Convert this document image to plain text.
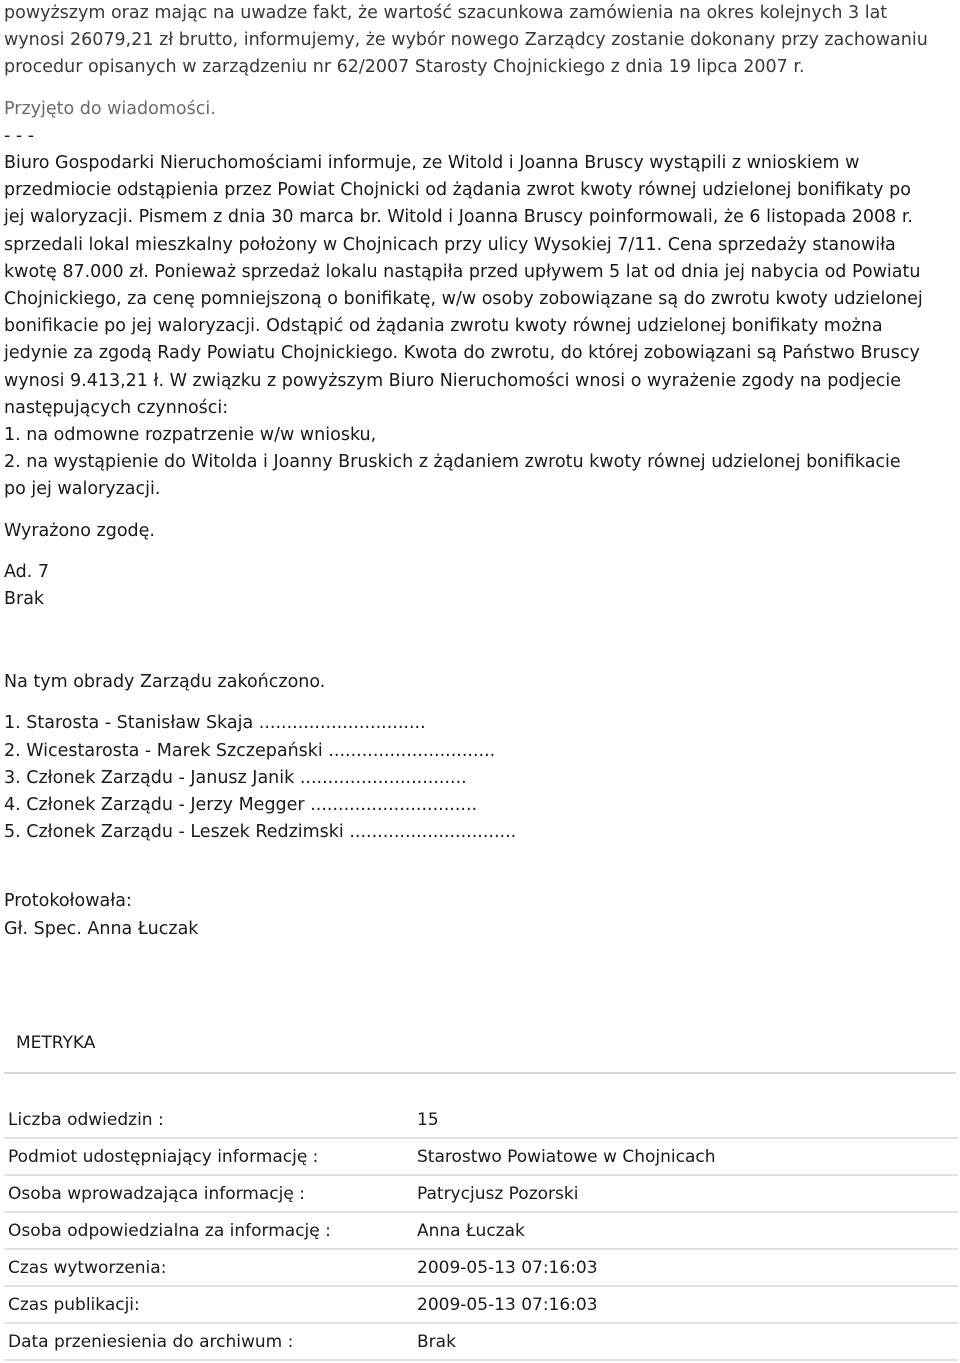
powyższym oraz mając na uwadze fakt, że wartość szacunkowa zamówienia na okres kolejnych 3 lat

wynosi 26079,21 zł brutto, informujemy, że wybór nowego Zarządcy zostanie dokonany przy zachowaniu

procedur opisanych w zarządzeniu nr 62/2007 Starosty Chojnickiego z dnia 19 lipca 2007 r.

Przyjęto do wiadomości.

- - -

Biuro Gospodarki Nieruchomościami informuje, ze Witold i Joanna Bruscy wystąpili z wnioskiem w

przedmiocie odstąpienia przez Powiat Chojnicki od żądania zwrot kwoty równej udzielonej bonifikaty po

jej waloryzacji. Pismem z dnia 30 marca br. Witold i Joanna Bruscy poinformowali, że 6 listopada 2008 r.

sprzedali lokal mieszkalny położony w Chojnicach przy ulicy Wysokiej 7/11. Cena sprzedaży stanowiła

kwotę 87.000 zł. Ponieważ sprzedaż lokalu nastąpiła przed upływem 5 lat od dnia jej nabycia od Powiatu

Chojnickiego, za cenę pomniejszoną o bonifikatę, w/w osoby zobowiązane są do zwrotu kwoty udzielonej

bonifikacie po jej waloryzacji. Odstąpić od żądania zwrotu kwoty równej udzielonej bonifikaty można

jedynie za zgodą Rady Powiatu Chojnickiego. Kwota do zwrotu, do której zobowiązani są Państwo Bruscy

wynosi 9.413,21 ł. W związku z powyższym Biuro Nieruchomości wnosi o wyrażenie zgody na podjecie

następujących czynności:

1. na odmowne rozpatrzenie w/w wniosku,

2. na wystąpienie do Witolda i Joanny Bruskich z żądaniem zwrotu kwoty równej udzielonej bonifikacie

po jej waloryzacji.

Wyrażono zgodę.

Ad. 7

Brak

Na tym obrady Zarządu zakończono.

1. Starosta - Stanisław Skaja ..............................

2. Wicestarosta - Marek Szczepański ..............................

3. Członek Zarządu - Janusz Janik ..............................

4. Członek Zarządu - Jerzy Megger ..............................

5. Członek Zarządu - Leszek Redzimski ..............................

Protokołowała:

Gł. Spec. Anna Łuczak

METRYKA
Liczba odwiedzin :	15
Podmiot udostępniający informację :	Starostwo Powiatowe w Chojnicach
Osoba wprowadzająca informację :	Patrycjusz Pozorski
Osoba odpowiedzialna za informację :	Anna Łuczak
Czas wytworzenia:	2009-05-13 07:16:03
Czas publikacji:	2009-05-13 07:16:03
Data przeniesienia do archiwum :	Brak
